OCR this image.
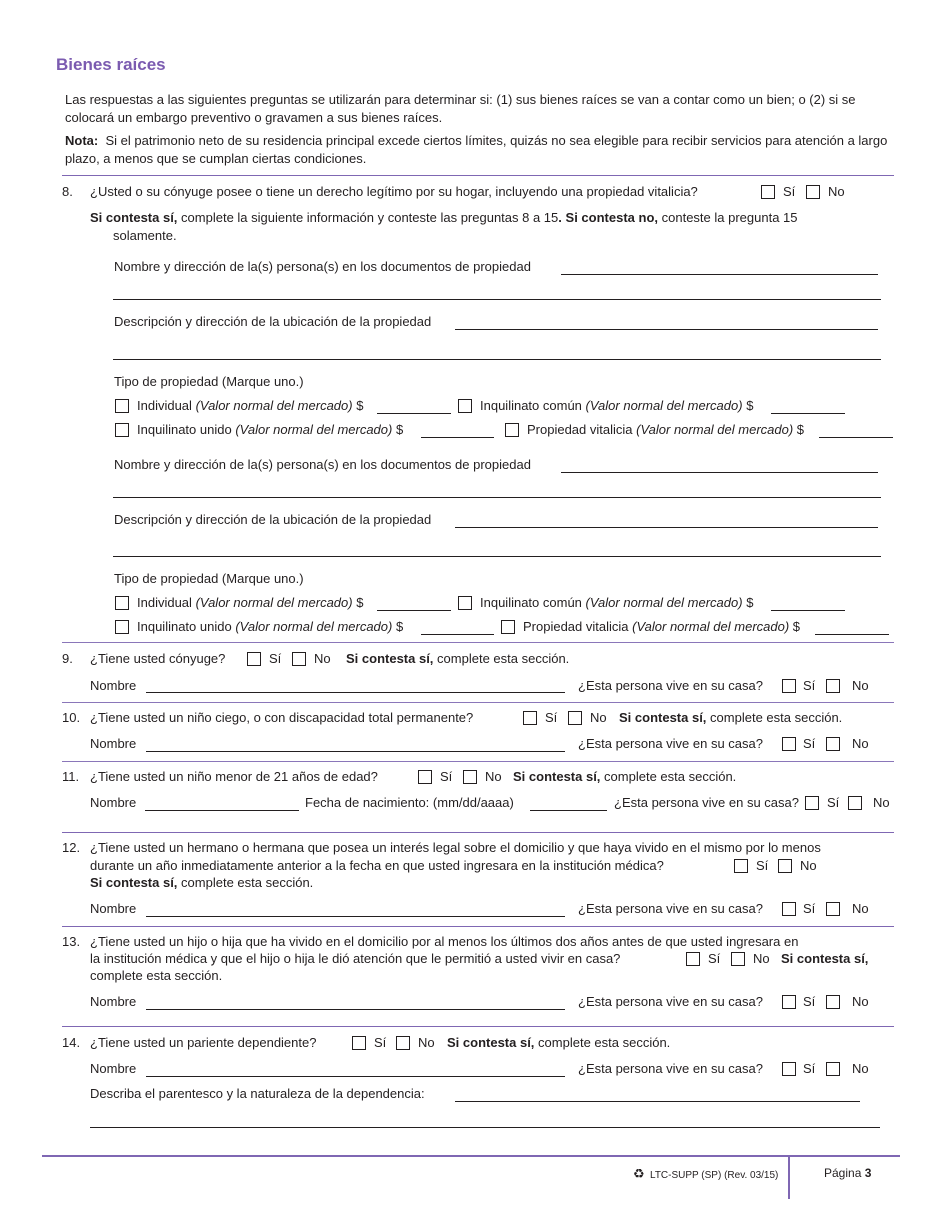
Bienes raíces
Las respuestas a las siguientes preguntas se utilizarán para determinar si: (1) sus bienes raíces se van a contar como un bien; o (2) si se colocará un embargo preventivo o gravamen a sus bienes raíces.
Nota: Si el patrimonio neto de su residencia principal excede ciertos límites, quizás no sea elegible para recibir servicios para atención a largo plazo, a menos que se cumplan ciertas condiciones.
8. ¿Usted o su cónyuge posee o tiene un derecho legítimo por su hogar, incluyendo una propiedad vitalicia?	Sí	No
Si contesta sí, complete la siguiente información y conteste las preguntas 8 a 15. Si contesta no, conteste la pregunta 15
solamente.
Nombre y dirección de la(s) persona(s) en los documentos de propiedad
Descripción y dirección de la ubicación de la propiedad
Tipo de propiedad (Marque uno.)
Individual (Valor normal del mercado) $	Inquilinato común (Valor normal del mercado) $
Inquilinato unido (Valor normal del mercado) $	Propiedad vitalicia (Valor normal del mercado) $
Nombre y dirección de la(s) persona(s) en los documentos de propiedad
Descripción y dirección de la ubicación de la propiedad
Tipo de propiedad (Marque uno.)
Individual (Valor normal del mercado) $	Inquilinato común (Valor normal del mercado) $
Inquilinato unido (Valor normal del mercado) $	Propiedad vitalicia (Valor normal del mercado) $
9. ¿Tiene usted cónyuge?	Sí	No Si contesta sí, complete esta sección.
Nombre	¿Esta persona vive en su casa?	Sí	No
10. ¿Tiene usted un niño ciego, o con discapacidad total permanente?	Sí	No Si contesta sí, complete esta sección.
Nombre	¿Esta persona vive en su casa?	Sí	No
11. ¿Tiene usted un niño menor de 21 años de edad?	Sí	No Si contesta sí, complete esta sección.
Nombre	Fecha de nacimiento: (mm/dd/aaaa)	¿Esta persona vive en su casa? Sí	No
12. ¿Tiene usted un hermano o hermana que posea un interés legal sobre el domicilio y que haya vivido en el mismo por lo menos
durante un año inmediatamente anterior a la fecha en que usted ingresara en la institución médica?	Sí No
Si contesta sí, complete esta sección.
Nombre	¿Esta persona vive en su casa?	Sí	No
13. ¿Tiene usted un hijo o hija que ha vivido en el domicilio por al menos los últimos dos años antes de que usted ingresara en
la institución médica y que el hijo o hija le dió atención que le permitió a usted vivir en casa?	Sí	No Si contesta sí,
complete esta sección.
Nombre	¿Esta persona vive en su casa?	Sí	No
14. ¿Tiene usted un pariente dependiente?	Sí No Si contesta sí, complete esta sección.
Nombre	¿Esta persona vive en su casa?	Sí	No
Describa el parentesco y la naturaleza de la dependencia:
♻ LTC-SUPP (SP) (Rev. 03/15)	Página 3
